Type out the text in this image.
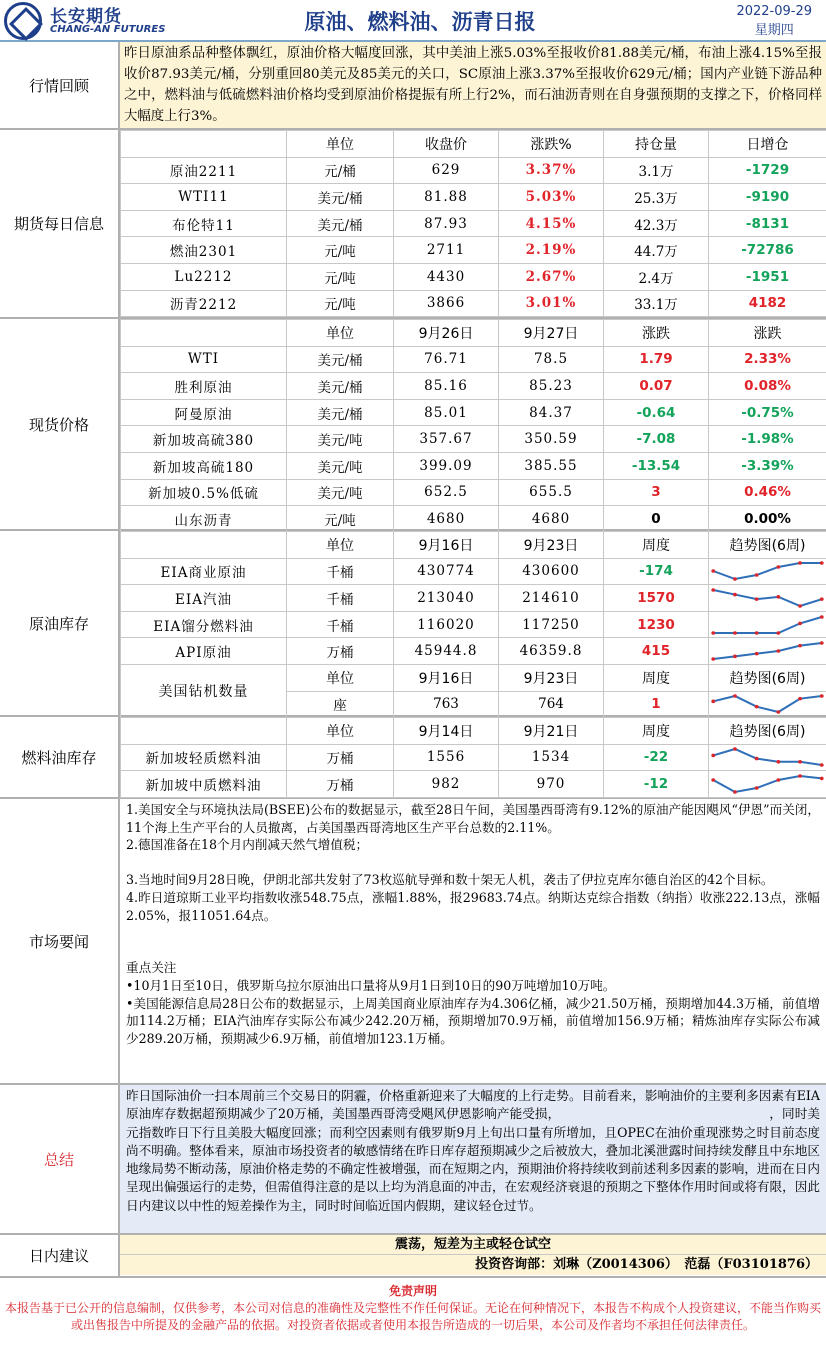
长安期货
CHANG-AN FUTURES	原油、燃料油、沥青日报	2022-09-29
星期四
行情回顾
昨日原油系品种整体飘红，原油价格大幅度回涨，其中美油上涨5.03%至报收价81.88美元/桶，布油上涨4.15%至报收价87.93美元/桶，分别重回80美元及85美元的关口，SC原油上涨3.37%至报收价629元/桶；国内产业链下游品种之中，燃料油与低硫燃料油价格均受到原油价格提振有所上行2%，而石油沥青则在自身强预期的支撑之下，价格同样大幅度上行3%。
期货每日信息
	单位	收盘价	涨跌%	持仓量	日增仓
原油2211	元/桶	629	3.37%	3.1万	-1729
WTI11	美元/桶	81.88	5.03%	25.3万	-9190
布伦特11	美元/桶	87.93	4.15%	42.3万	-8131
燃油2301	元/吨	2711	2.19%	44.7万	-72786
Lu2212	元/吨	4430	2.67%	2.4万	-1951
沥青2212	元/吨	3866	3.01%	33.1万	4182
现货价格
	单位	9月26日	9月27日	涨跌	涨跌
WTI	美元/桶	76.71	78.5	1.79	2.33%
胜利原油	美元/桶	85.16	85.23	0.07	0.08%
阿曼原油	美元/桶	85.01	84.37	-0.64	-0.75%
新加坡高硫380	美元/吨	357.67	350.59	-7.08	-1.98%
新加坡高硫180	美元/吨	399.09	385.55	-13.54	-3.39%
新加坡0.5%低硫	美元/吨	652.5	655.5	3	0.46%
山东沥青	元/吨	4680	4680	0	0.00%
原油库存
	单位	9月16日	9月23日	周度	趋势图(6周)
EIA商业原油	千桶	430774	430600	-174	

EIA汽油	千桶	213040	214610	1570	

EIA馏分燃料油	千桶	116020	117250	1230	

API原油	万桶	45944.8	46359.8	415	

美国钻机数量	单位	9月16日	9月23日	周度	趋势图(6周)
	座	763	764	1	
燃料油库存
	单位	9月14日	9月21日	周度	趋势图(6周)
新加坡轻质燃料油	万桶	1556	1534	-22	

新加坡中质燃料油	万桶	982	970	-12	
市场要闻

1.美国安全与环境执法局(BSEE)公布的数据显示，截至28日午间，美国墨西哥湾有9.12%的原油产能因飓风“伊恩”而关闭，11个海上生产平台的人员撤离，占美国墨西哥湾地区生产平台总数的2.11%。

2.德国准备在18个月内削减天然气增值税；

3.当地时间9月28日晚，伊朗北部共发射了73枚巡航导弹和数十架无人机，袭击了伊拉克库尔德自治区的42个目标。

4.昨日道琼斯工业平均指数收涨548.75点，涨幅1.88%，报29683.74点。纳斯达克综合指数（纳指）收涨222.13点，涨幅2.05%，报11051.64点。

重点关注

•10月1日至10日，俄罗斯乌拉尔原油出口量将从9月1日到10日的90万吨增加10万吨。

•美国能源信息局28日公布的数据显示，上周美国商业原油库存为4.306亿桶，减少21.50万桶，预期增加44.3万桶，前值增加114.2万桶；EIA汽油库存实际公布减少242.20万桶，预期增加70.9万桶，前值增加156.9万桶；精炼油库存实际公布减少289.20万桶，预期减少6.9万桶，前值增加123.1万桶。

总结
昨日国际油价一扫本周前三个交易日的阴霾，价格重新迎来了大幅度的上行走势。目前看来，影响油价的主要利多因素有EIA原油库存数据超预期减少了20万桶，美国墨西哥湾受飓风伊恩影响产能受损，　　　　　　　　　　　　　　　　　，同时美元指数昨日下行且美股大幅度回涨；而利空因素则有俄罗斯9月上旬出口量有所增加，且OPEC在油价重现涨势之时目前态度尚不明确。整体看来，原油市场投资者的敏感情绪在昨日库存超预期减少之后被放大，叠加北溪泄露时间持续发酵且中东地区地缘局势不断动荡，原油价格走势的不确定性被增强，而在短期之内，预期油价将持续收到前述利多因素的影响，进而在日内呈现出偏强运行的走势，但需值得注意的是以上均为消息面的冲击，在宏观经济衰退的预期之下整体作用时间或将有限，因此日内建议以中性的短差操作为主，同时时间临近国内假期，建议轻仓过节。
日内建议
震荡，短差为主或轻仓试空
投资咨询部：刘琳（Z0014306）　范磊（F03101876）
免责声明
本报告基于已公开的信息编制，仅供参考，本公司对信息的准确性及完整性不作任何保证。无论在何种情况下，本报告不构成个人投资建议，不能当作购买或出售报告中所提及的金融产品的依据。对投资者依据或者使用本报告所造成的一切后果，本公司及作者均不承担任何法律责任。
